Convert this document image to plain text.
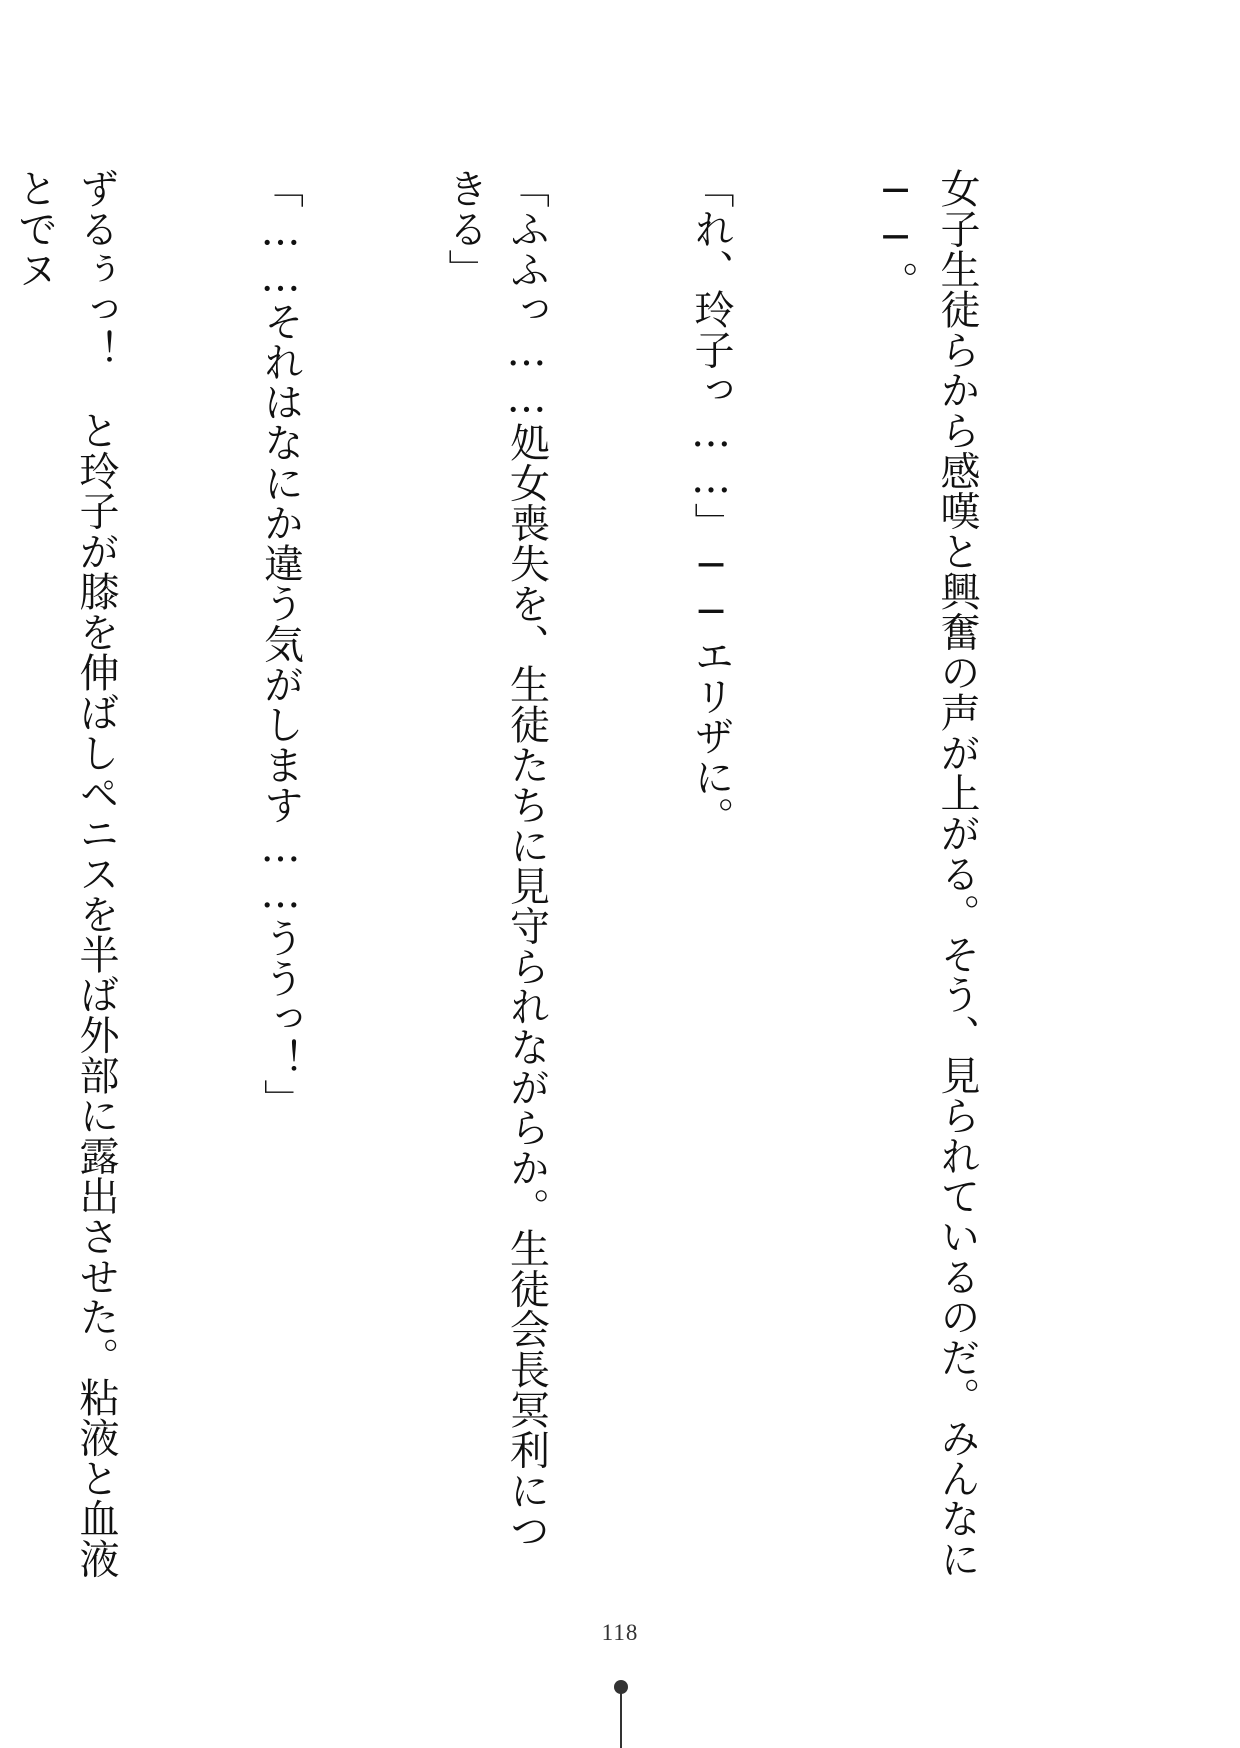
女子生徒らから感嘆と興奮の声が上がる。そう、見られているのだ。みんなに──。

「れ、玲子っ……」──エリザに。

「ふふっ……処女喪失を、生徒たちに見守られながらか。生徒会長冥利につきる」

「……それはなにか違う気がします……ううっ！」

ずるぅっ！　と玲子が膝を伸ばしペニスを半ば外部に露出させた。粘液と血液とでヌ

118
